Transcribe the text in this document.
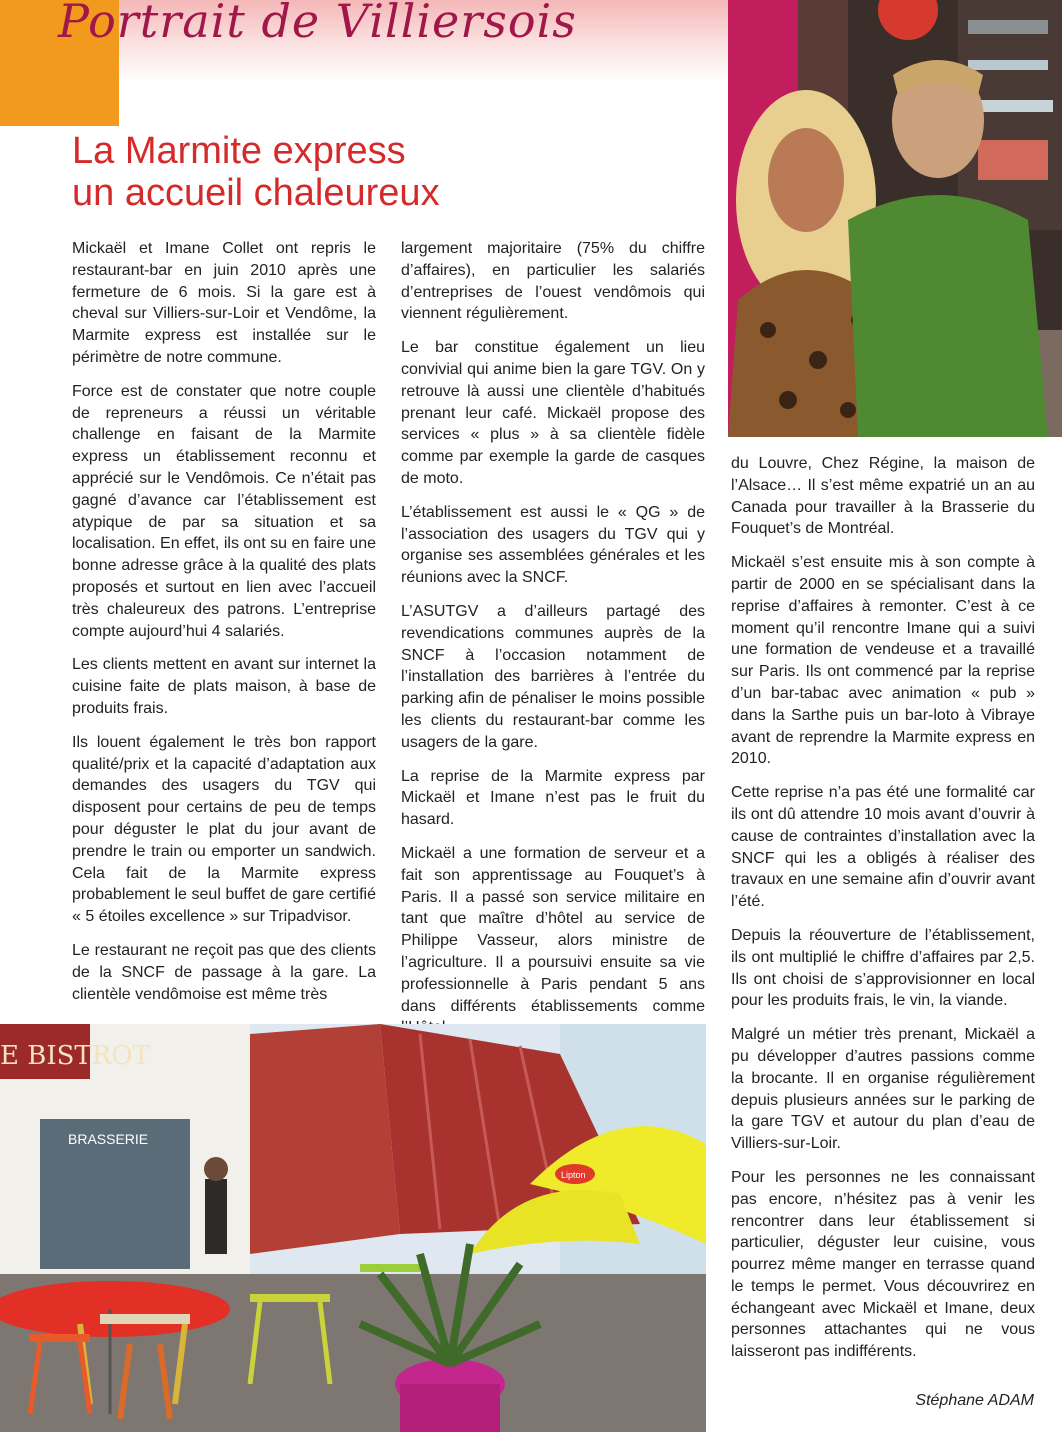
Portrait de Villiersois
La Marmite express
un accueil chaleureux

Mickaël et Imane Collet ont repris le restaurant-bar en juin 2010 après une fermeture de 6 mois. Si la gare est à cheval sur Villiers-sur-Loir et Vendôme, la Marmite express est installée sur le périmètre de notre commune.

Force est de constater que notre couple de repreneurs a réussi un véritable challenge en faisant de la Marmite express un établissement reconnu et apprécié sur le Vendômois. Ce n’était pas gagné d’avance car l’établissement est atypique de par sa situation et sa localisation. En effet, ils ont su en faire une bonne adresse grâce à la qualité des plats proposés et surtout en lien avec l’accueil très chaleureux des patrons. L’entreprise compte aujourd’hui 4 salariés.

Les clients mettent en avant sur internet la cuisine faite de plats maison, à base de produits frais.

Ils louent également le très bon rapport qualité/prix et la capacité d’adaptation aux demandes des usagers du TGV qui disposent pour certains de peu de temps pour déguster le plat du jour avant de prendre le train ou emporter un sandwich. Cela fait de la Marmite express probablement le seul buffet de gare certifié « 5 étoiles excellence » sur Tripadvisor.

Le restaurant ne reçoit pas que des clients de la SNCF de passage à la gare. La clientèle vendômoise est même très

largement majoritaire (75% du chiffre d’affaires), en particulier les salariés d’entreprises de l’ouest vendômois qui viennent régulièrement.

Le bar constitue également un lieu convivial qui anime bien la gare TGV. On y retrouve là aussi une clientèle d’habitués prenant leur café. Mickaël propose des services « plus » à sa clientèle fidèle comme par exemple la garde de casques de moto.

L’établissement est aussi le « QG » de l’association des usagers du TGV qui y organise ses assemblées générales et les réunions avec la SNCF.

L’ASUTGV a d’ailleurs partagé des revendications communes auprès de la SNCF à l’occasion notamment de l’installation des barrières à l’entrée du parking afin de pénaliser le moins possible les clients du restaurant-bar comme les usagers de la gare.

La reprise de la Marmite express par Mickaël et Imane n’est pas le fruit du hasard.

Mickaël a une formation de serveur et a fait son apprentissage au Fouquet’s à Paris. Il a passé son service militaire en tant que maître d’hôtel au service de Philippe Vasseur, alors ministre de l’agriculture. Il a poursuivi ensuite sa vie professionnelle à Paris pendant 5 ans dans différents établissements comme

du Louvre, Chez Régine, la maison de l’Alsace… Il s’est même expatrié un an au Canada pour travailler à la Brasserie du Fouquet’s de Montréal.

Mickaël s’est ensuite mis à son compte à partir de 2000 en se spécialisant dans la reprise d’affaires à remonter. C’est à ce moment qu’il rencontre Imane qui a suivi une formation de vendeuse et a travaillé sur Paris. Ils ont commencé par la reprise d’un bar-tabac avec animation « pub » dans la Sarthe puis un bar-loto à Vibraye avant de reprendre la Marmite express en 2010.

Cette reprise n’a pas été une formalité car ils ont dû attendre 10 mois avant d’ouvrir à cause de contraintes d’installation avec la SNCF qui les a obligés à réaliser des travaux en une semaine afin d’ouvrir avant l’été.

Depuis la réouverture de l’établissement, ils ont multiplié le chiffre d’affaires par 2,5. Ils ont choisi de s’approvisionner en local pour les produits frais, le vin, la viande.

Malgré un métier très prenant, Mickaël a pu développer d’autres passions comme la brocante. Il en organise régulièrement depuis plusieurs années sur le parking de la gare TGV et autour du plan d’eau de Villiers-sur-Loir.

Pour les personnes ne les connaissant pas encore, n’hésitez pas à venir les rencontrer dans leur établissement si particulier, déguster leur cuisine, vous pourrez même manger en terrasse quand le temps le permet. Vous découvrirez en échangeant avec Mickaël et Imane, deux personnes attachantes qui ne vous laisseront pas indifférents.

Stéphane ADAM
E BISTROT
BRASSERIE
Lipton
